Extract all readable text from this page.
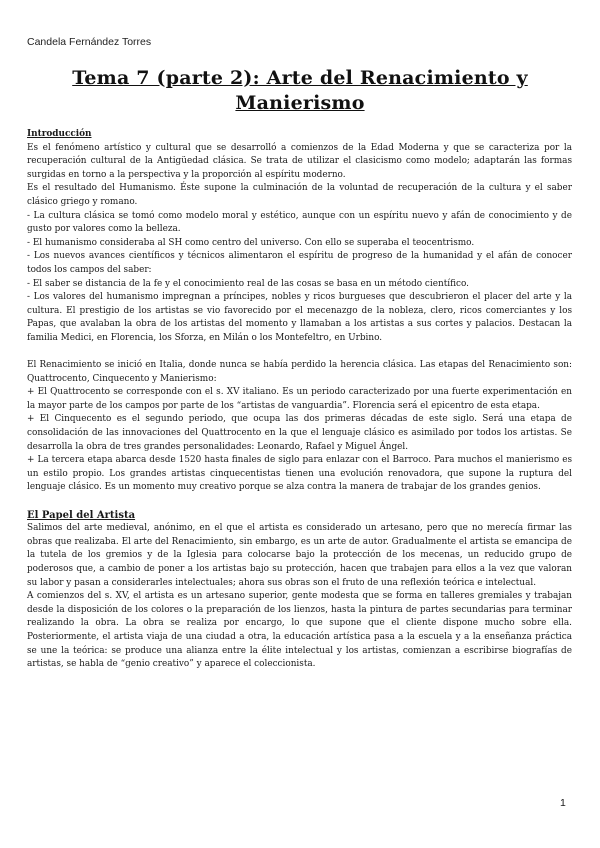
Candela Fernández Torres
Tema 7 (parte 2): Arte del Renacimiento y Manierismo
Introducción

Es el fenómeno artístico y cultural que se desarrolló a comienzos de la Edad Moderna y que se caracteriza por la recuperación cultural de la Antigüedad clásica. Se trata de utilizar el clasicismo como modelo; adaptarán las formas surgidas en torno a la perspectiva y la proporción al espíritu moderno.

Es el resultado del Humanismo. Éste supone la culminación de la voluntad de recuperación de la cultura y el saber clásico griego y romano.

- La cultura clásica se tomó como modelo moral y estético, aunque con un espíritu nuevo y afán de conocimiento y de gusto por valores como la belleza.

- El humanismo consideraba al SH como centro del universo. Con ello se superaba el teocentrismo.

- Los nuevos avances científicos y técnicos alimentaron el espíritu de progreso de la humanidad y el afán de conocer todos los campos del saber:

- El saber se distancia de la fe y el conocimiento real de las cosas se basa en un método científico.

- Los valores del humanismo impregnan a príncipes, nobles y ricos burgueses que descubrieron el placer del arte y la cultura. El prestigio de los artistas se vio favorecido por el mecenazgo de la nobleza, clero, ricos comerciantes y los Papas, que avalaban la obra de los artistas del momento y llamaban a los artistas a sus cortes y palacios. Destacan la familia Medici, en Florencia, los Sforza, en Milán o los Montefeltro, en Urbino.

El Renacimiento se inició en Italia, donde nunca se había perdido la herencia clásica. Las etapas del Renacimiento son: Quattrocento, Cinquecento y Manierismo:

+ El Quattrocento se corresponde con el s. XV italiano. Es un periodo caracterizado por una fuerte experimentación en la mayor parte de los campos por parte de los “artistas de vanguardia”. Florencia será el epicentro de esta etapa.

+ El Cinquecento es el segundo periodo, que ocupa las dos primeras décadas de este siglo. Será una etapa de consolidación de las innovaciones del Quattrocento en la que el lenguaje clásico es asimilado por todos los artistas. Se desarrolla la obra de tres grandes personalidades: Leonardo, Rafael y Miguel Ángel.

+ La tercera etapa abarca desde 1520 hasta finales de siglo para enlazar con el Barroco. Para muchos el manierismo es un estilo propio. Los grandes artistas cinquecentistas tienen una evolución renovadora, que supone la ruptura del lenguaje clásico. Es un momento muy creativo porque se alza contra la manera de trabajar de los grandes genios.

El Papel del Artista

Salimos del arte medieval, anónimo, en el que el artista es considerado un artesano, pero que no merecía firmar las obras que realizaba. El arte del Renacimiento, sin embargo, es un arte de autor. Gradualmente el artista se emancipa de la tutela de los gremios y de la Iglesia para colocarse bajo la protección de los mecenas, un reducido grupo de poderosos que, a cambio de poner a los artistas bajo su protección, hacen que trabajen para ellos a la vez que valoran su labor y pasan a considerarles intelectuales; ahora sus obras son el fruto de una reflexión teórica e intelectual.

A comienzos del s. XV, el artista es un artesano superior, gente modesta que se forma en talleres gremiales y trabajan desde la disposición de los colores o la preparación de los lienzos, hasta la pintura de partes secundarias para terminar realizando la obra. La obra se realiza por encargo, lo que supone que el cliente dispone mucho sobre ella. Posteriormente, el artista viaja de una ciudad a otra, la educación artística pasa a la escuela y a la enseñanza práctica se une la teórica: se produce una alianza entre la élite intelectual y los artistas, comienzan a escribirse biografías de artistas, se habla de “genio creativo” y aparece el coleccionista.

1
